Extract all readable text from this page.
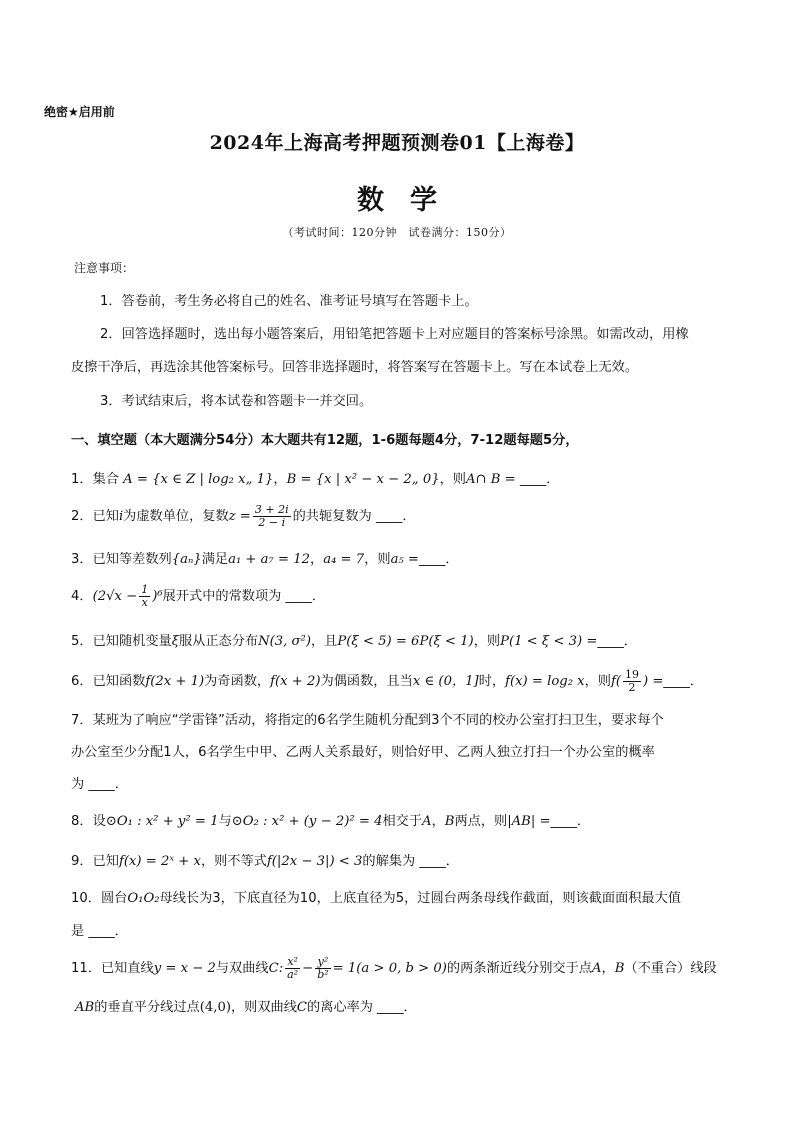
绝密★启用前
2024年上海高考押题预测卷01【上海卷】
数学
（考试时间：120分钟　试卷满分：150分）
注意事项：
1．答卷前，考生务必将自己的姓名、准考证号填写在答题卡上。
2．回答选择题时，选出每小题答案后，用铅笔把答题卡上对应题目的答案标号涂黑。如需改动，用橡
皮擦干净后，再选涂其他答案标号。回答非选择题时，将答案写在答题卡上。写在本试卷上无效。
3．考试结束后，将本试卷和答题卡一并交回。
一、填空题（本大题满分54分）本大题共有12题，1-6题每题4分，7-12题每题5分，
1．集合 A = {x ∈ Z | log₂ x„ 1}，B = {x | x² − x − 2„ 0}，则A∩ B = ____．
2．已知i为虚数单位，复数$z = \frac{3 + 2i}{2 - i}$ 的共轭复数为 ____．
3．已知等差数列{aₙ}满足a₁ + a₇ = 12，a₄ = 7，则a₅ =____．
4．$(2√x - \frac{1}{x} )^6$展开式中的常数项为 ____．
5．已知随机变量ξ服从正态分布N(3, σ²)，且P(ξ < 5) = 6P(ξ < 1)，则P(1 < ξ < 3) =____．
6．已知函数f(2x + 1)为奇函数，f(x + 2)为偶函数，且当x ∈ (0，1]时，f(x) = log₂ x，则$f( \frac{19}{2}$ ) =____．
7．某班为了响应“学雷锋”活动，将指定的6名学生随机分配到3个不同的校办公室打扫卫生，要求每个
办公室至少分配1人，6名学生中甲、乙两人关系最好，则恰好甲、乙两人独立打扫一个办公室的概率
为 ____．
8．设⊙O₁ : x² + y² = 1与⊙O₂ : x² + (y − 2)² = 4相交于A，B两点，则|AB| =____．
9．已知f(x) = 2ˣ + x，则不等式f(|2x − 3|) < 3的解集为 ____．
10．圆台O₁O₂母线长为3，下底直径为10，上底直径为5，过圆台两条母线作截面，则该截面面积最大值
是 ____．
11．已知直线y = x − 2与双曲线C: $\frac{\text{x²}}{\text{a²}} - \frac{\text{y²}}{\text{b²}} = 1(a > 0$, b > 0)的两条渐近线分别交于点A，B（不重合）线段
AB的垂直平分线过点(4,0)，则双曲线C的离心率为 ____．
